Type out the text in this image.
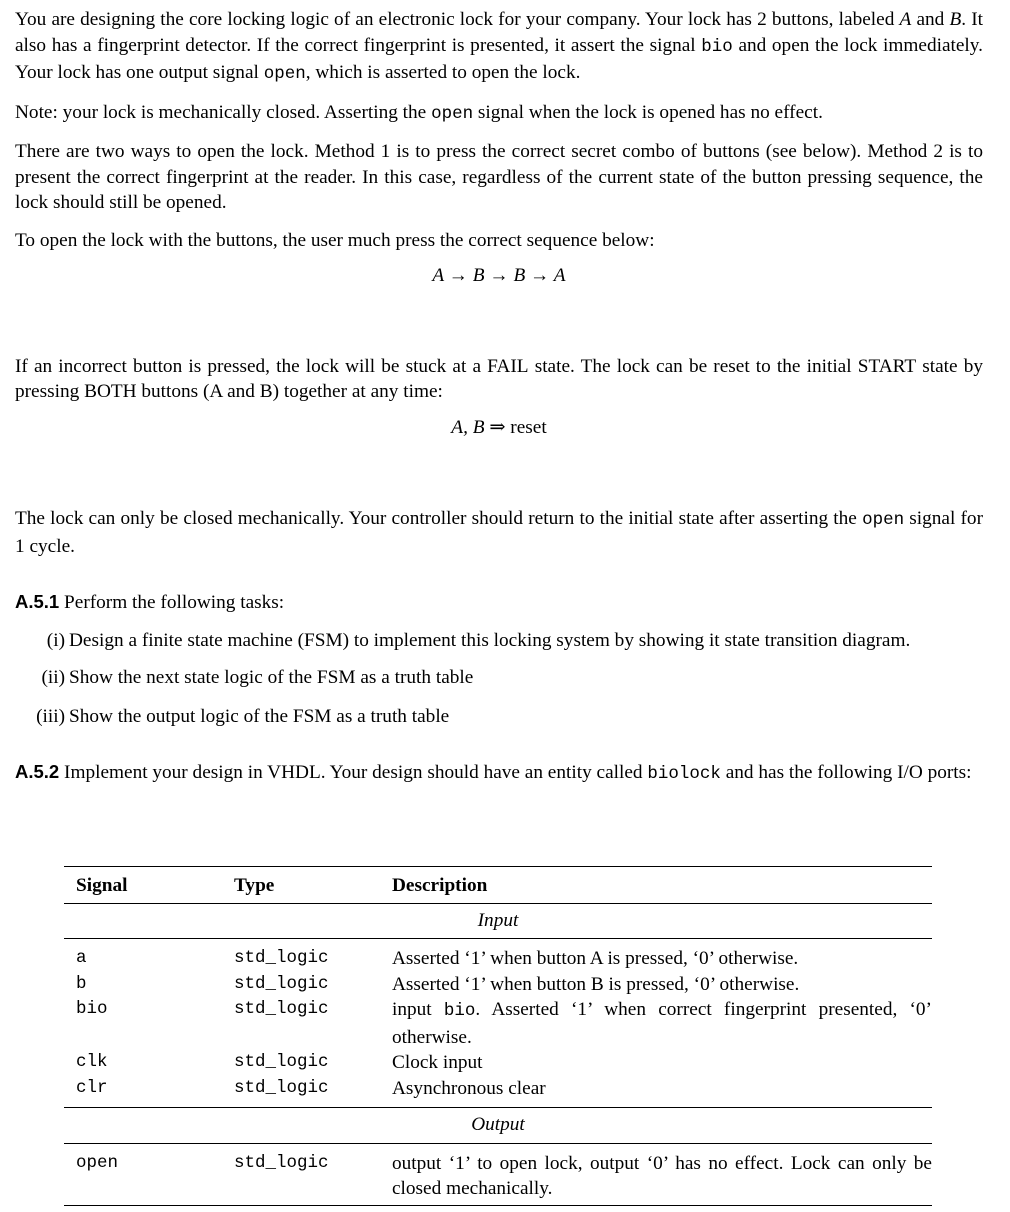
You are designing the core locking logic of an electronic lock for your company. Your lock has 2 buttons, labeled A and B. It also has a fingerprint detector. If the correct fingerprint is presented, it assert the signal bio and open the lock immediately. Your lock has one output signal open, which is asserted to open the lock.

Note: your lock is mechanically closed. Asserting the open signal when the lock is opened has no effect.

There are two ways to open the lock. Method 1 is to press the correct secret combo of buttons (see below). Method 2 is to present the correct fingerprint at the reader. In this case, regardless of the current state of the button pressing sequence, the lock should still be opened.

To open the lock with the buttons, the user much press the correct sequence below:

A → B → B → A

If an incorrect button is pressed, the lock will be stuck at a FAIL state. The lock can be reset to the initial START state by pressing BOTH buttons (A and B) together at any time:

A, B ⇒ reset

The lock can only be closed mechanically. Your controller should return to the initial state after asserting the open signal for 1 cycle.

A.5.1 Perform the following tasks:

(i) Design a finite state machine (FSM) to implement this locking system by showing it state transition diagram.
(ii) Show the next state logic of the FSM as a truth table
(iii) Show the output logic of the FSM as a truth table

A.5.2 Implement your design in VHDL. Your design should have an entity called biolock and has the following I/O ports:

Signal	Type	Description
Input		
a	std_logic	Asserted ‘1’ when button A is pressed, ‘0’ otherwise.
b	std_logic	Asserted ‘1’ when button B is pressed, ‘0’ otherwise.
bio	std_logic	input bio. Asserted ‘1’ when correct fingerprint presented, ‘0’ otherwise.
clk	std_logic	Clock input
clr	std_logic	Asynchronous clear
Output		
open	std_logic	output ‘1’ to open lock, output ‘0’ has no effect. Lock can only be closed mechanically.
